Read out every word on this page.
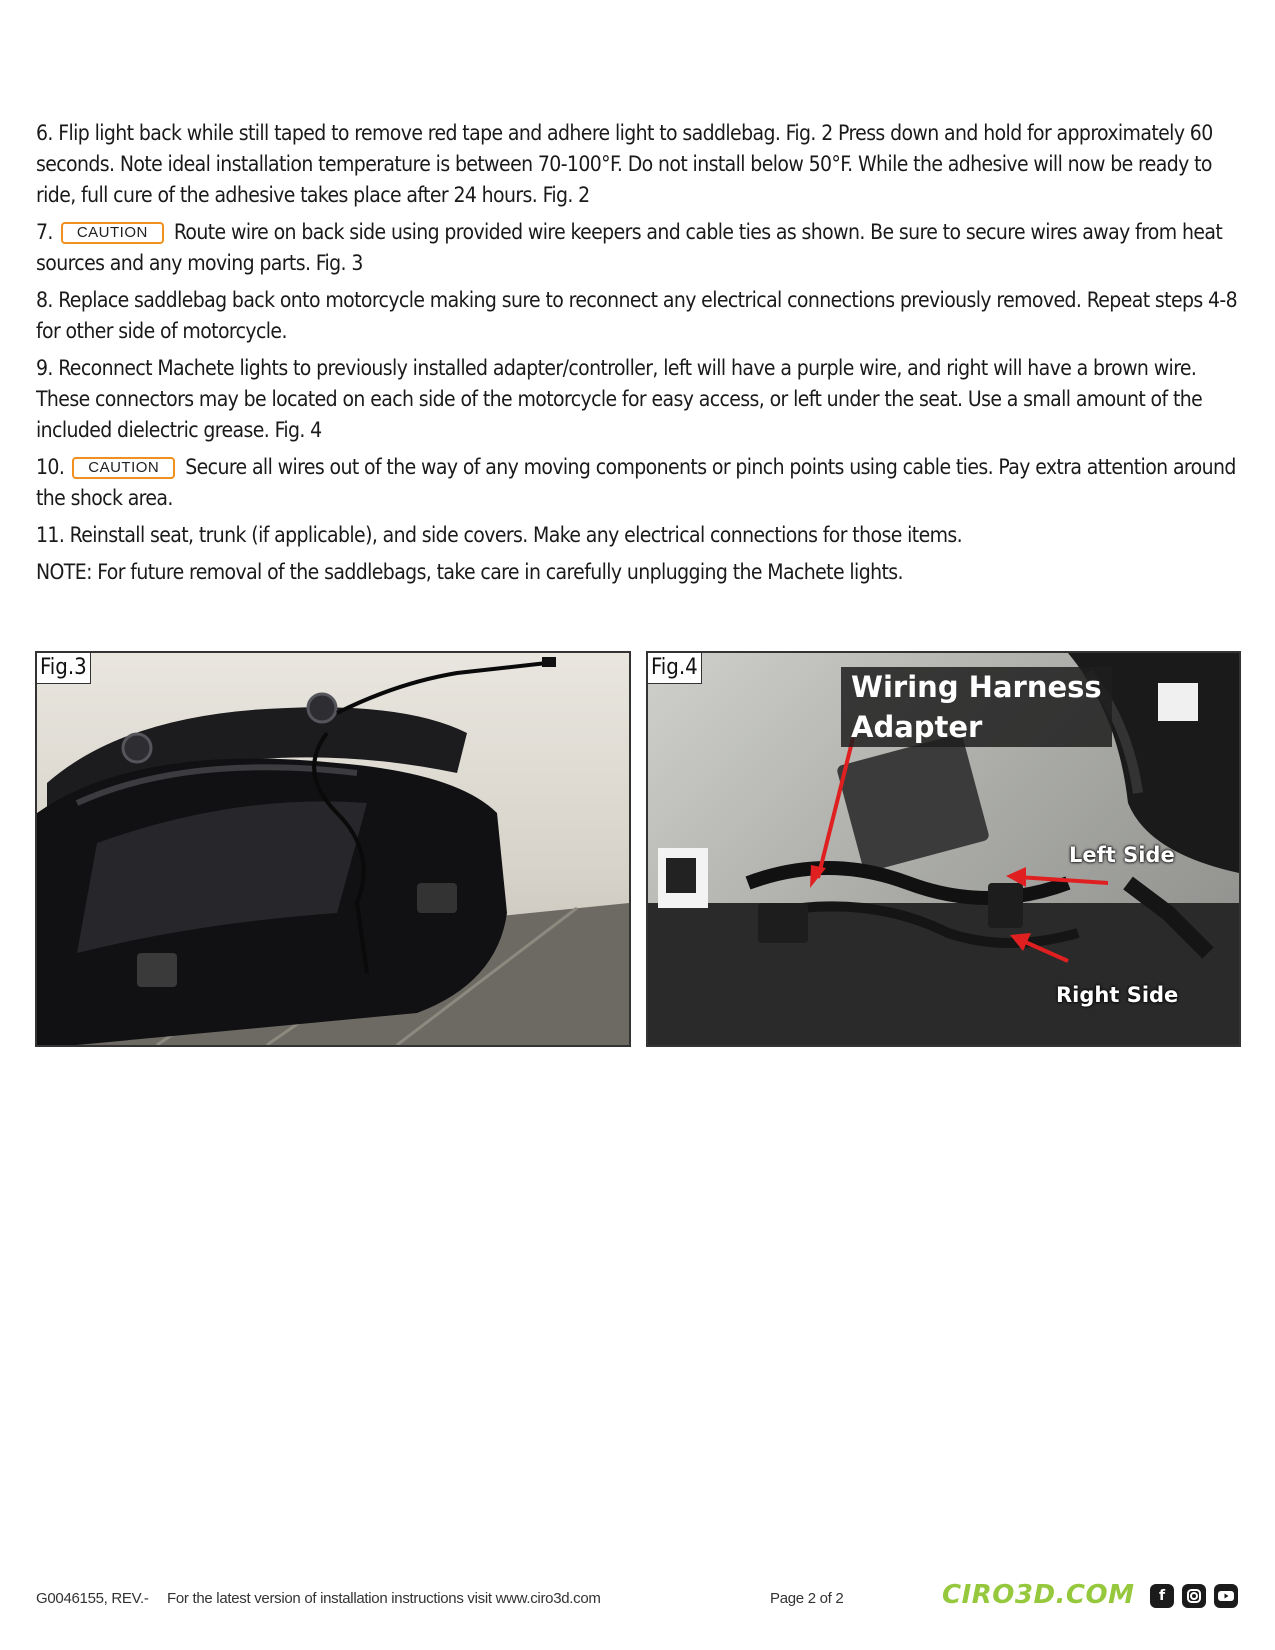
6. Flip light back while still taped to remove red tape and adhere light to saddlebag. Fig. 2 Press down and hold for approximately 60 seconds. Note ideal installation temperature is between 70-100°F. Do not install below 50°F. While the adhesive will now be ready to ride, full cure of the adhesive takes place after 24 hours. Fig. 2
7. CAUTION Route wire on back side using provided wire keepers and cable ties as shown. Be sure to secure wires away from heat sources and any moving parts. Fig. 3
8. Replace saddlebag back onto motorcycle making sure to reconnect any electrical connections previously removed. Repeat steps 4-8 for other side of motorcycle.
9. Reconnect Machete lights to previously installed adapter/controller, left will have a purple wire, and right will have a brown wire. These connectors may be located on each side of the motorcycle for easy access, or left under the seat. Use a small amount of the included dielectric grease. Fig. 4
10. CAUTION Secure all wires out of the way of any moving components or pinch points using cable ties. Pay extra attention around the shock area.
11. Reinstall seat, trunk (if applicable), and side covers. Make any electrical connections for those items.
NOTE: For future removal of the saddlebags, take care in carefully unplugging the Machete lights.
Fig.3	Fig.4
Wiring Harness
Adapter
Left Side
Right Side
G0046155, REV.- For the latest version of installation instructions visit www.ciro3d.com	Page 2 of 2	CIRO3D.COM	f
